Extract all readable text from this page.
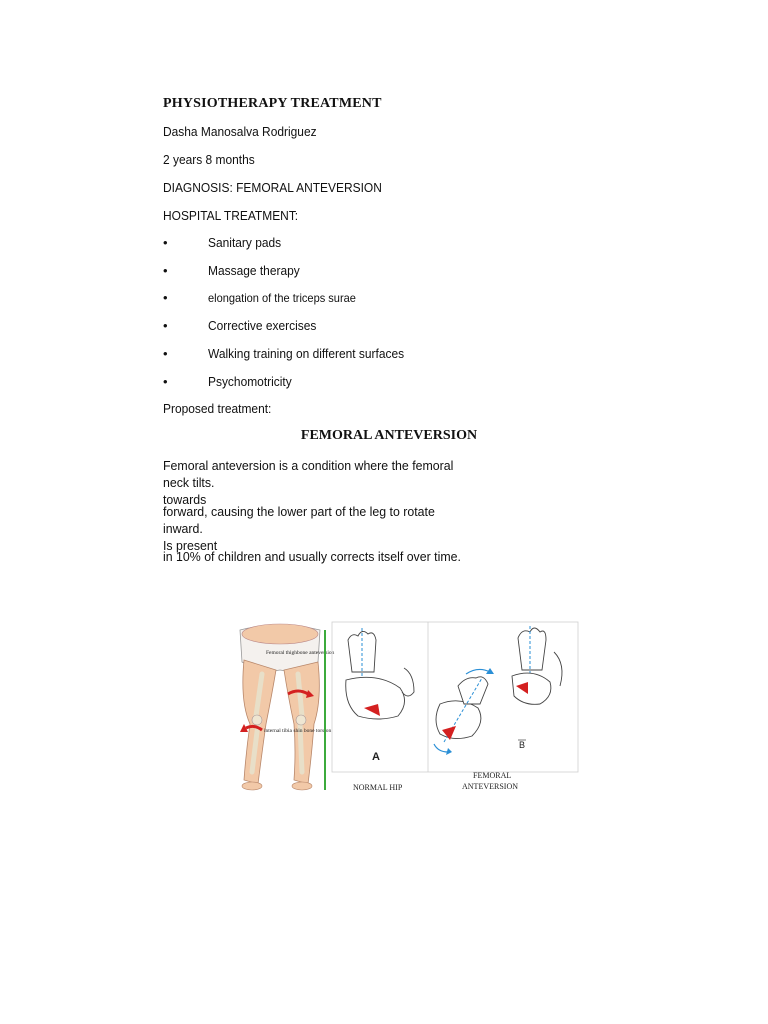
PHYSIOTHERAPY TREATMENT
Dasha Manosalva Rodriguez
2 years 8 months
DIAGNOSIS: FEMORAL ANTEVERSION
HOSPITAL TREATMENT:
•	Sanitary pads
•	Massage therapy
•	elongation of the triceps surae
•	Corrective exercises
•	Walking training on different surfaces
•	Psychomotricity
Proposed treatment:
FEMORAL ANTEVERSION
Femoral anteversion is a condition where the femoral neck tilts.
towards
forward, causing the lower part of the leg to rotate inward.
Is present
in 10% of children and usually corrects itself over time.
Femoral thighbone anteversion
internal tibia shin bone torsion
A
B
NORMAL HIP
FEMORAL
ANTEVERSION
